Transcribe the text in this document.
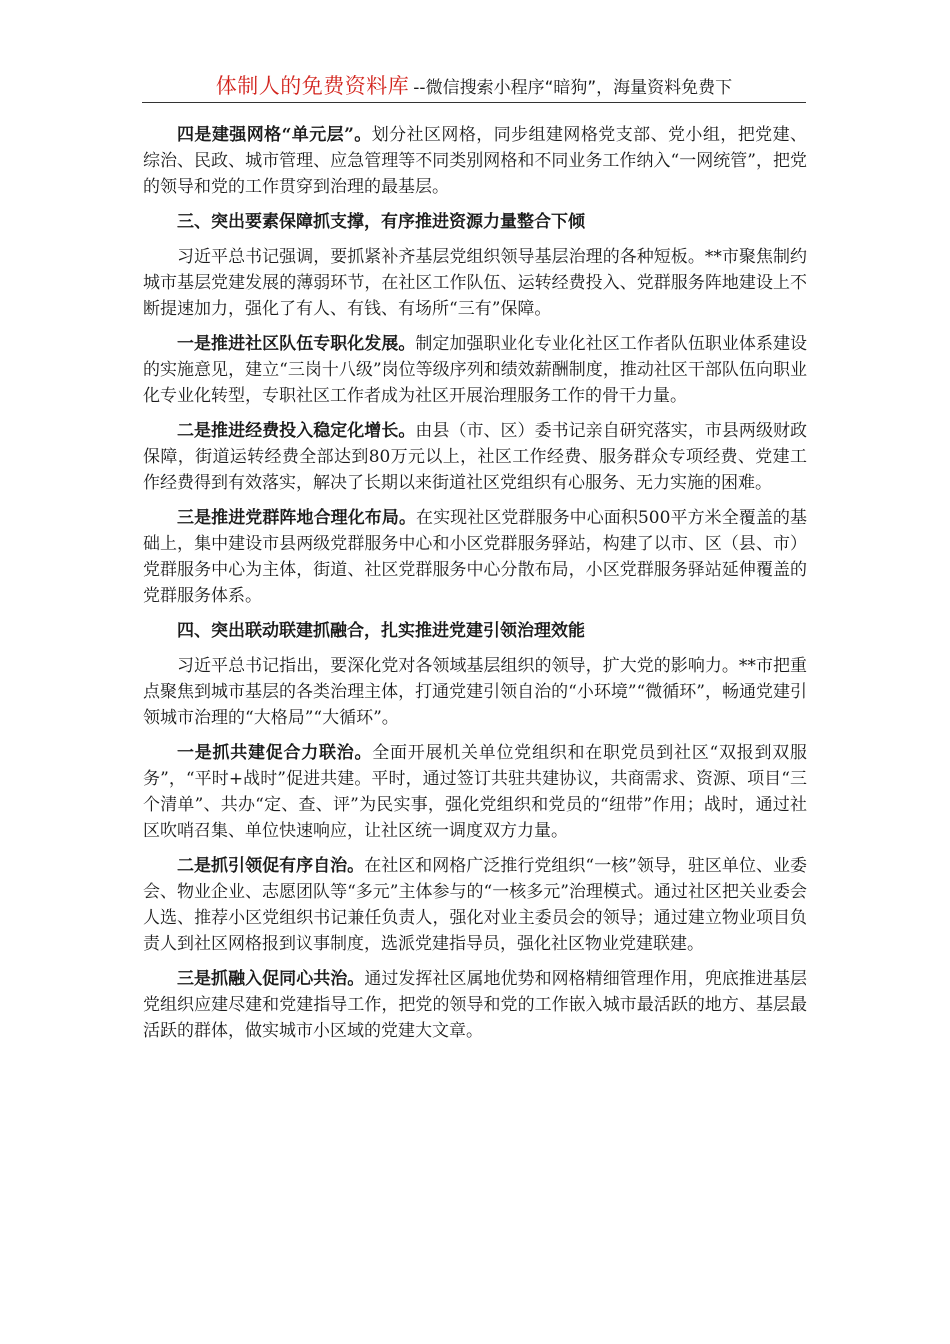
体制人的免费资料库 --微信搜索小程序“暗狗”，海量资料免费下

四是建强网格“单元层”。划分社区网格，同步组建网格党支部、党小组，把党建、综治、民政、城市管理、应急管理等不同类别网格和不同业务工作纳入“一网统管”，把党的领导和党的工作贯穿到治理的最基层。

三、突出要素保障抓支撑，有序推进资源力量整合下倾

习近平总书记强调，要抓紧补齐基层党组织领导基层治理的各种短板。**市聚焦制约城市基层党建发展的薄弱环节，在社区工作队伍、运转经费投入、党群服务阵地建设上不断提速加力，强化了有人、有钱、有场所“三有”保障。

一是推进社区队伍专职化发展。制定加强职业化专业化社区工作者队伍职业体系建设的实施意见，建立“三岗十八级”岗位等级序列和绩效薪酬制度，推动社区干部队伍向职业化专业化转型，专职社区工作者成为社区开展治理服务工作的骨干力量。

二是推进经费投入稳定化增长。由县（市、区）委书记亲自研究落实，市县两级财政保障，街道运转经费全部达到80万元以上，社区工作经费、服务群众专项经费、党建工作经费得到有效落实，解决了长期以来街道社区党组织有心服务、无力实施的困难。

三是推进党群阵地合理化布局。在实现社区党群服务中心面积500平方米全覆盖的基础上，集中建设市县两级党群服务中心和小区党群服务驿站，构建了以市、区（县、市）党群服务中心为主体，街道、社区党群服务中心分散布局，小区党群服务驿站延伸覆盖的党群服务体系。

四、突出联动联建抓融合，扎实推进党建引领治理效能

习近平总书记指出，要深化党对各领域基层组织的领导，扩大党的影响力。**市把重点聚焦到城市基层的各类治理主体，打通党建引领自治的“小环境”“微循环”，畅通党建引领城市治理的“大格局”“大循环”。

一是抓共建促合力联治。全面开展机关单位党组织和在职党员到社区“双报到双服务”，“平时+战时”促进共建。平时，通过签订共驻共建协议，共商需求、资源、项目“三个清单”、共办“定、查、评”为民实事，强化党组织和党员的“纽带”作用；战时，通过社区吹哨召集、单位快速响应，让社区统一调度双方力量。

二是抓引领促有序自治。在社区和网格广泛推行党组织“一核”领导，驻区单位、业委会、物业企业、志愿团队等“多元”主体参与的“一核多元”治理模式。通过社区把关业委会人选、推荐小区党组织书记兼任负责人，强化对业主委员会的领导；通过建立物业项目负责人到社区网格报到议事制度，选派党建指导员，强化社区物业党建联建。

三是抓融入促同心共治。通过发挥社区属地优势和网格精细管理作用，兜底推进基层党组织应建尽建和党建指导工作，把党的领导和党的工作嵌入城市最活跃的地方、基层最活跃的群体，做实城市小区域的党建大文章。
